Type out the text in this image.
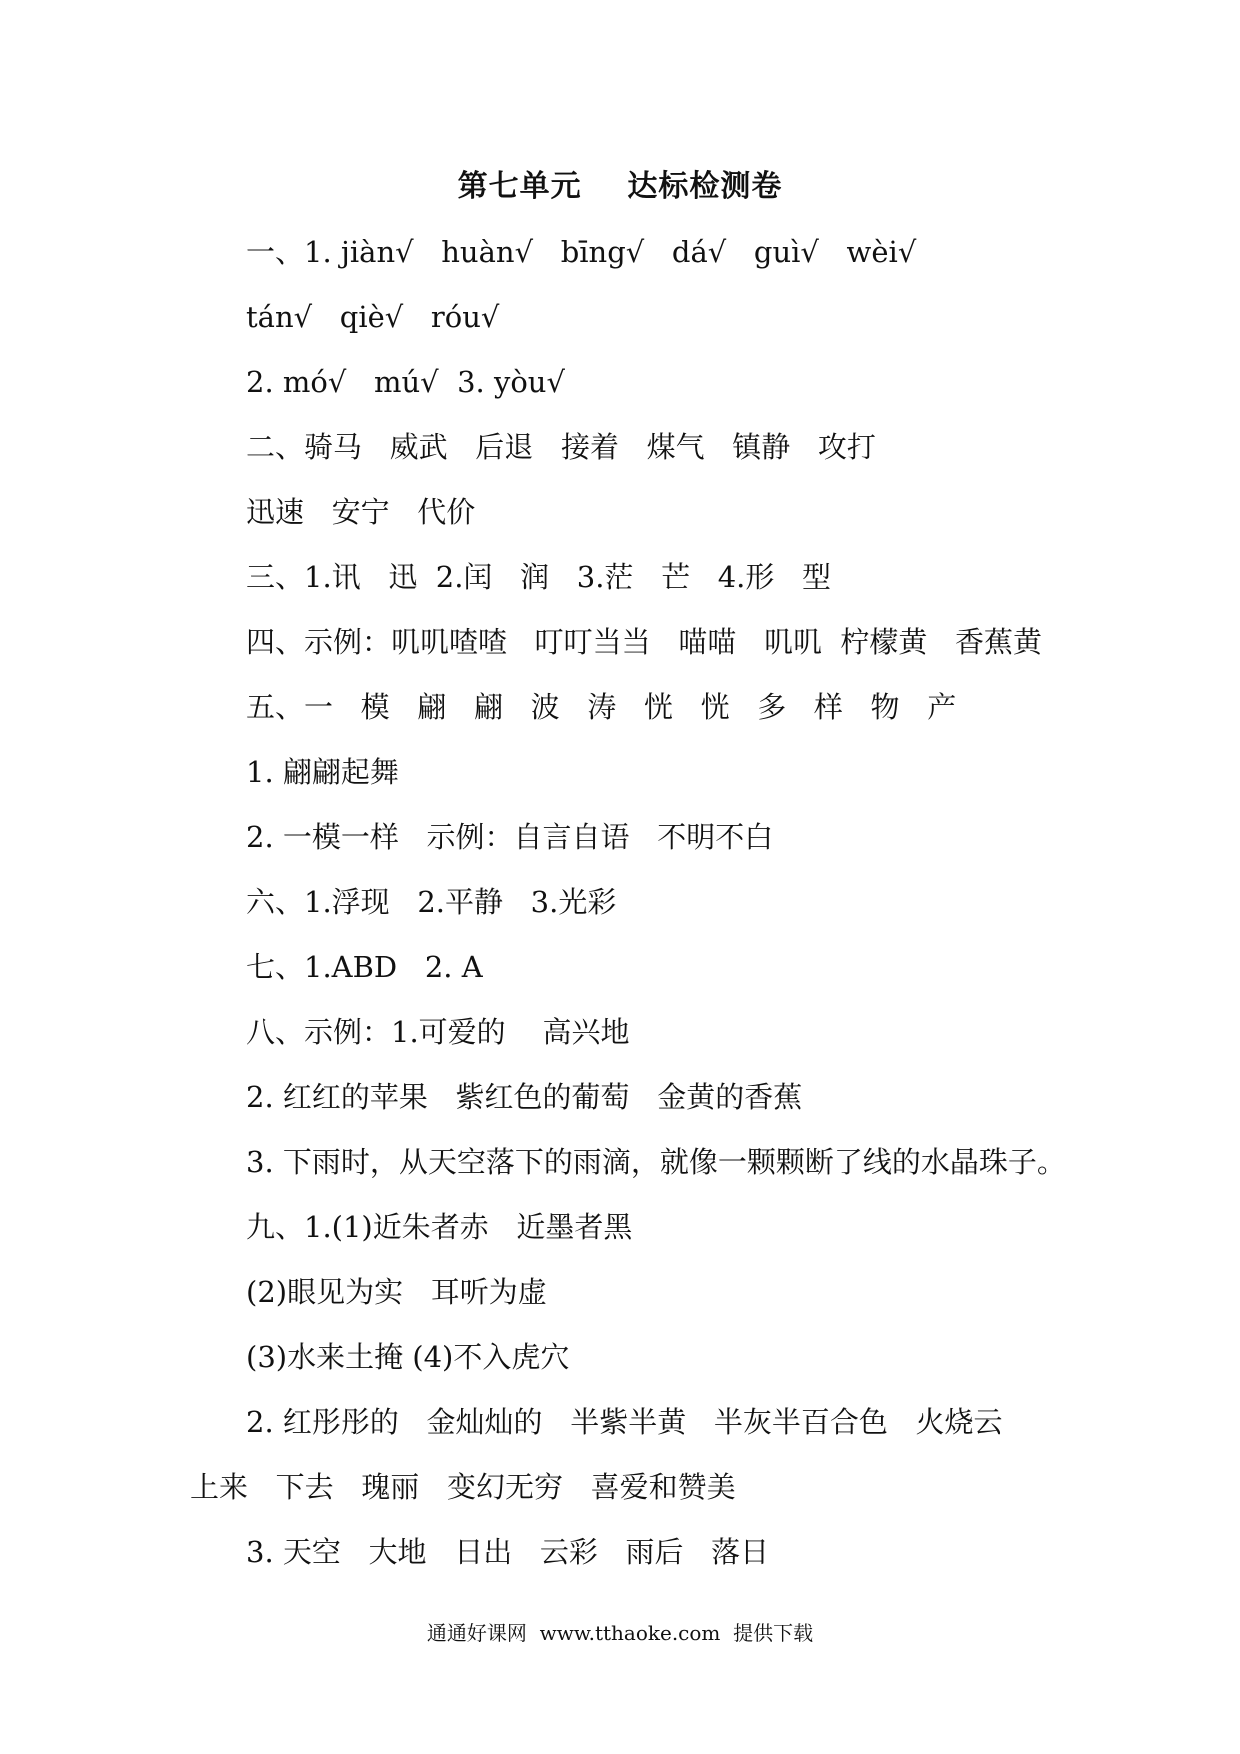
第七单元    达标检测卷
一、1. jiàn√   huàn√   bīng√   dá√   guì√   wèi√
tán√   qiè√   róu√
2. mó√   mú√  3. yòu√
二、骑马   威武   后退   接着   煤气   镇静   攻打
迅速   安宁   代价
三、1.讯   迅  2.闰   润   3.茫   芒   4.形   型
四、示例：叽叽喳喳   叮叮当当   喵喵   叽叽  柠檬黄   香蕉黄
五、一   模   翩   翩   波   涛   恍   恍   多   样   物   产
1. 翩翩起舞
2. 一模一样   示例：自言自语   不明不白
六、1.浮现   2.平静   3.光彩
七、1.ABD   2. A
八、示例：1.可爱的    高兴地
2. 红红的苹果   紫红色的葡萄   金黄的香蕉
3. 下雨时，从天空落下的雨滴，就像一颗颗断了线的水晶珠子。
九、1.(1)近朱者赤   近墨者黑
(2)眼见为实   耳听为虚
(3)水来土掩 (4)不入虎穴
2. 红彤彤的   金灿灿的   半紫半黄   半灰半百合色   火烧云
上来   下去   瑰丽   变幻无穷   喜爱和赞美
3. 天空   大地   日出   云彩   雨后   落日
通通好课网  www.tthaoke.com  提供下载
